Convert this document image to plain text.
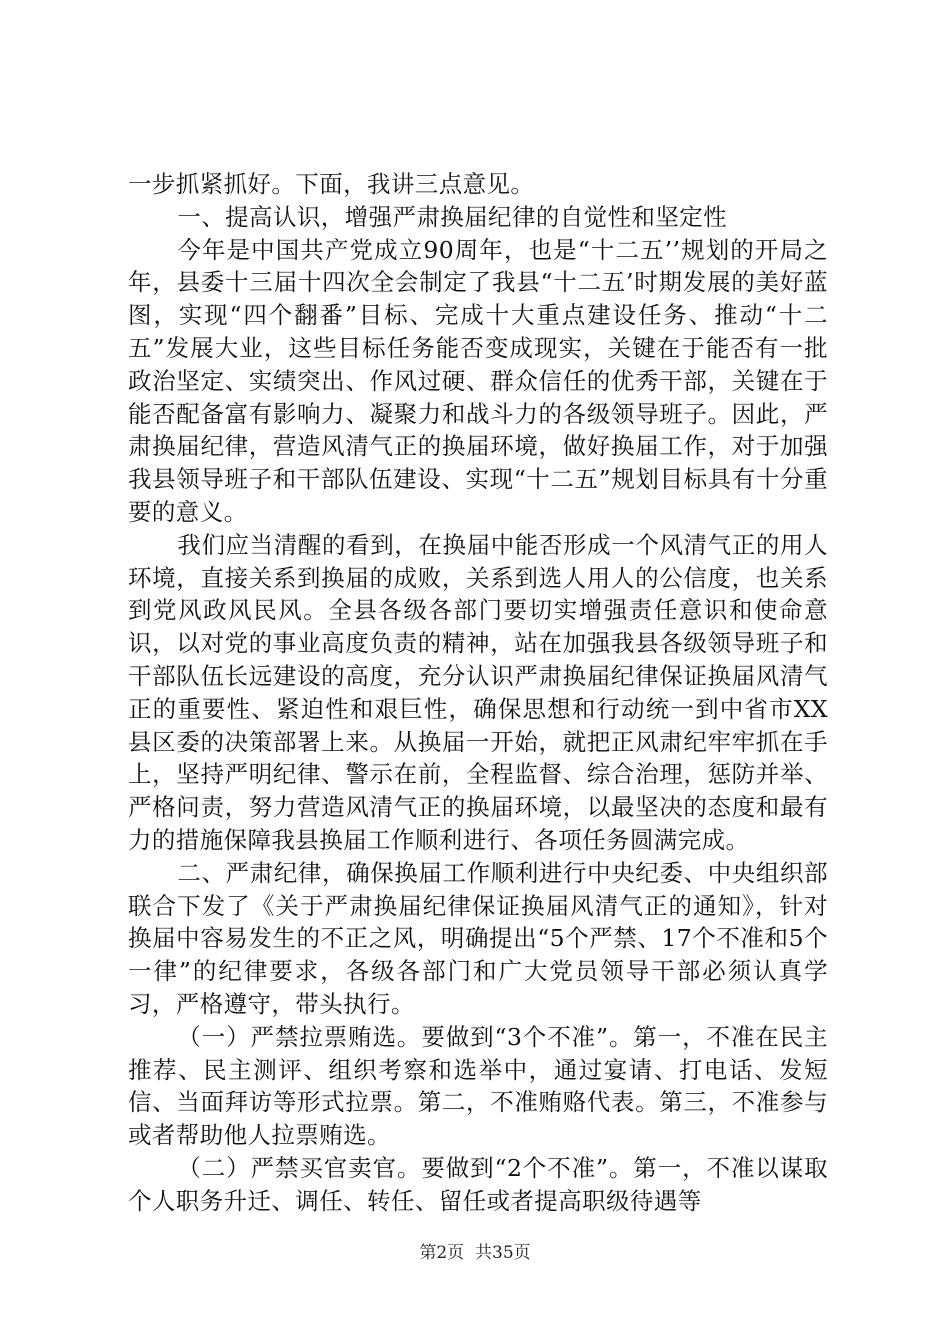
一步抓紧抓好。下面，我讲三点意见。

一、提高认识，增强严肃换届纪律的自觉性和坚定性

今年是中国共产党成立90周年，也是“十二五’’规划的开局之年，县委十三届十四次全会制定了我县“十二五’时期发展的美好蓝图，实现“四个翻番”目标、完成十大重点建设任务、推动“十二五”发展大业，这些目标任务能否变成现实，关键在于能否有一批政治坚定、实绩突出、作风过硬、群众信任的优秀干部，关键在于能否配备富有影响力、凝聚力和战斗力的各级领导班子。因此，严肃换届纪律，营造风清气正的换届环境，做好换届工作，对于加强我县领导班子和干部队伍建设、实现“十二五”规划目标具有十分重要的意义。

我们应当清醒的看到，在换届中能否形成一个风清气正的用人环境，直接关系到换届的成败，关系到选人用人的公信度，也关系到党风政风民风。全县各级各部门要切实增强责任意识和使命意识，以对党的事业高度负责的精神，站在加强我县各级领导班子和干部队伍长远建设的高度，充分认识严肃换届纪律保证换届风清气正的重要性、紧迫性和艰巨性，确保思想和行动统一到中省市XX县区委的决策部署上来。从换届一开始，就把正风肃纪牢牢抓在手上，坚持严明纪律、警示在前，全程监督、综合治理，惩防并举、严格问责，努力营造风清气正的换届环境，以最坚决的态度和最有力的措施保障我县换届工作顺利进行、各项任务圆满完成。

二、严肃纪律，确保换届工作顺利进行中央纪委、中央组织部联合下发了《关于严肃换届纪律保证换届风清气正的通知》，针对换届中容易发生的不正之风，明确提出“5个严禁、17个不准和5个一律”的纪律要求，各级各部门和广大党员领导干部必须认真学习，严格遵守，带头执行。

（一）严禁拉票贿选。要做到“3个不准”。第一，不准在民主推荐、民主测评、组织考察和选举中，通过宴请、打电话、发短信、当面拜访等形式拉票。第二，不准贿赂代表。第三，不准参与或者帮助他人拉票贿选。

（二）严禁买官卖官。要做到“2个不准”。第一，不准以谋取个人职务升迁、调任、转任、留任或者提高职级待遇等

第2页 共35页
